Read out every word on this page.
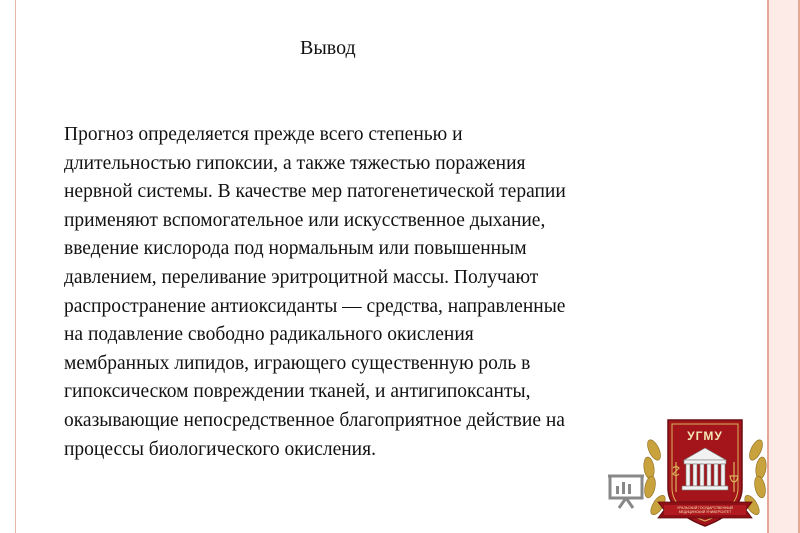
Вывод

Прогноз определяется прежде всего степенью и
длительностью гипоксии, а также тяжестью поражения
нервной системы. В качестве мер патогенетической терапии
применяют вспомогательное или искусственное дыхание,
введение кислорода под нормальным или повышенным
давлением, переливание эритроцитной массы. Получают
распространение антиоксиданты — средства, направленные
на подавление свободно радикального окисления
мембранных липидов, играющего существенную роль в
гипоксическом повреждении тканей, и антигипоксанты,
оказывающие непосредственное благоприятное действие на
процессы биологического окисления.

УГМУ
УРАЛЬСКИЙ ГОСУДАРСТВЕННЫЙ МЕДИЦИНСКИЙ УНИВЕРСИТЕТ
